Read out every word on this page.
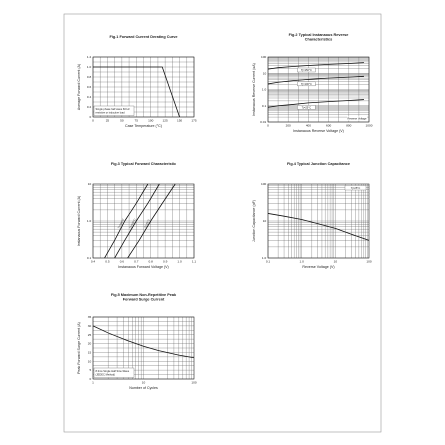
Fig.1 Forward Current Derating Curve
0	25	50	75	100	125	150	175
0
0.2
0.4
0.6
0.8
1.0
1.2
Case Temperature (°C)
Average Forward Current (A)	Single phase half wave 60 Hz
resistive or inductive load
Fig.2 Typical Instanaous Reverse
Characteristics
0	200	400	600	800	1000
0.01
0.1
1.0
10
100
Instanaous Reverse Voltage (V)
Instanaous Reverse Current (uA)	Tj=150°C
Tj=100°C
Tj=25°C
Reverse Voltage
Fig.3 Typical Forward Characteristic
0.4	0.5	0.6	0.7	0.8	0.9	1.0	1.1
0.1
1.0
10
Instanaous Forward Voltage (V)
Instanaous Forward Current (A)	Tj=150°C	Tj=100°C	Tj=25°C
Fig.4 Typical Junction Capacitance
0.1	1.0	10	100
1.0
10
100
Reverse Voltage (V)
Junction Capacitance (pF)
Tj=25°C
Fig.5 Maximum Non-Repetitive Peak
Forward Surge Current
1	10	100
0
5
10
15
20
25
30
35
Number of Cycles
Peak Forward Surge Current (A)	8.3ms Single Half Sine-Wave
(JEDEC Method)
